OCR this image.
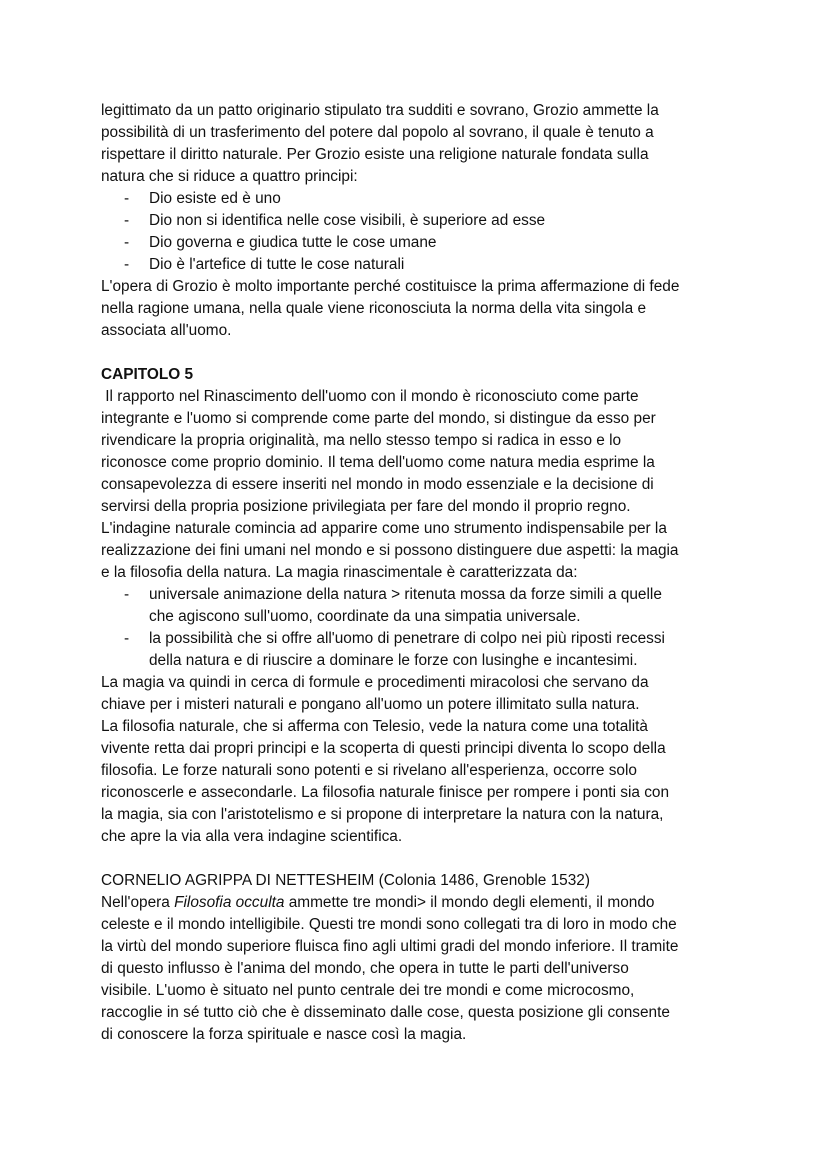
legittimato da un patto originario stipulato tra sudditi e sovrano, Grozio ammette la

possibilità di un trasferimento del potere dal popolo al sovrano, il quale è tenuto a

rispettare il diritto naturale. Per Grozio esiste una religione naturale fondata sulla

natura che si riduce a quattro principi:

- Dio esiste ed è uno
- Dio non si identifica nelle cose visibili, è superiore ad esse
- Dio governa e giudica tutte le cose umane
- Dio è l'artefice di tutte le cose naturali

L'opera di Grozio è molto importante perché costituisce la prima affermazione di fede

nella ragione umana, nella quale viene riconosciuta la norma della vita singola e

associata all'uomo.

CAPITOLO 5

Il rapporto nel Rinascimento dell'uomo con il mondo è riconosciuto come parte

integrante e l'uomo si comprende come parte del mondo, si distingue da esso per

rivendicare la propria originalità, ma nello stesso tempo si radica in esso e lo

riconosce come proprio dominio. Il tema dell'uomo come natura media esprime la

consapevolezza di essere inseriti nel mondo in modo essenziale e la decisione di

servirsi della propria posizione privilegiata per fare del mondo il proprio regno.

L'indagine naturale comincia ad apparire come uno strumento indispensabile per la

realizzazione dei fini umani nel mondo e si possono distinguere due aspetti: la magia

e la filosofia della natura. La magia rinascimentale è caratterizzata da:

- universale animazione della natura > ritenuta mossa da forze simili a quelle

che agiscono sull'uomo, coordinate da una simpatia universale.

- la possibilità che si offre all'uomo di penetrare di colpo nei più riposti recessi

della natura e di riuscire a dominare le forze con lusinghe e incantesimi.

La magia va quindi in cerca di formule e procedimenti miracolosi che servano da

chiave per i misteri naturali e pongano all'uomo un potere illimitato sulla natura.

La filosofia naturale, che si afferma con Telesio, vede la natura come una totalità

vivente retta dai propri principi e la scoperta di questi principi diventa lo scopo della

filosofia. Le forze naturali sono potenti e si rivelano all'esperienza, occorre solo

riconoscerle e assecondarle. La filosofia naturale finisce per rompere i ponti sia con

la magia, sia con l'aristotelismo e si propone di interpretare la natura con la natura,

che apre la via alla vera indagine scientifica.

CORNELIO AGRIPPA DI NETTESHEIM (Colonia 1486, Grenoble 1532)

Nell'opera Filosofia occulta ammette tre mondi> il mondo degli elementi, il mondo

celeste e il mondo intelligibile. Questi tre mondi sono collegati tra di loro in modo che

la virtù del mondo superiore fluisca fino agli ultimi gradi del mondo inferiore. Il tramite

di questo influsso è l'anima del mondo, che opera in tutte le parti dell'universo

visibile. L'uomo è situato nel punto centrale dei tre mondi e come microcosmo,

raccoglie in sé tutto ciò che è disseminato dalle cose, questa posizione gli consente

di conoscere la forza spirituale e nasce così la magia.
